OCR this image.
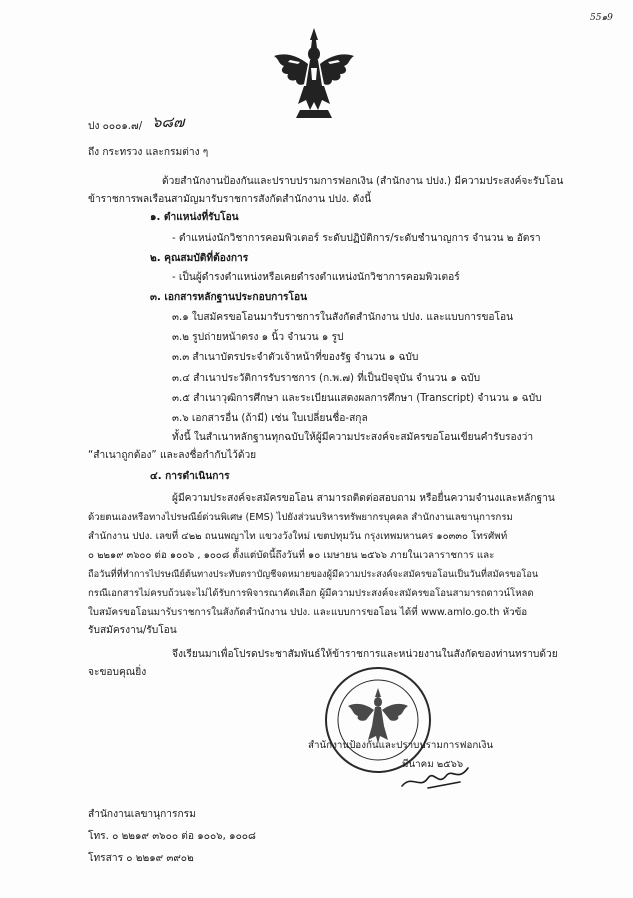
55๑9
ปง ๐๐๐๑.๗/ ๖๘๗
ถึง กระทรวง และกรมต่าง ๆ
ด้วยสำนักงานป้องกันและปราบปรามการฟอกเงิน (สำนักงาน ปปง.) มีความประสงค์จะรับโอน
ข้าราชการพลเรือนสามัญมารับราชการสังกัดสำนักงาน ปปง. ดังนี้
๑. ตำแหน่งที่รับโอน
- ตำแหน่งนักวิชาการคอมพิวเตอร์ ระดับปฏิบัติการ/ระดับชำนาญการ จำนวน ๒ อัตรา
๒. คุณสมบัติที่ต้องการ
- เป็นผู้ดำรงตำแหน่งหรือเคยดำรงตำแหน่งนักวิชาการคอมพิวเตอร์
๓. เอกสารหลักฐานประกอบการโอน
๓.๑ ใบสมัครขอโอนมารับราชการในสังกัดสำนักงาน ปปง. และแบบการขอโอน
๓.๒ รูปถ่ายหน้าตรง ๑ นิ้ว จำนวน ๑ รูป
๓.๓ สำเนาบัตรประจำตัวเจ้าหน้าที่ของรัฐ จำนวน ๑ ฉบับ
๓.๔ สำเนาประวัติการรับราชการ (ก.พ.๗) ที่เป็นปัจจุบัน จำนวน ๑ ฉบับ
๓.๕ สำเนาวุฒิการศึกษา และระเบียนแสดงผลการศึกษา (Transcript) จำนวน ๑ ฉบับ
๓.๖ เอกสารอื่น (ถ้ามี) เช่น ใบเปลี่ยนชื่อ-สกุล
ทั้งนี้ ในสำเนาหลักฐานทุกฉบับให้ผู้มีความประสงค์จะสมัครขอโอนเขียนคำรับรองว่า
“สำเนาถูกต้อง” และลงชื่อกำกับไว้ด้วย
๔. การดำเนินการ
ผู้มีความประสงค์จะสมัครขอโอน สามารถติดต่อสอบถาม หรือยื่นความจำนงและหลักฐาน
ด้วยตนเองหรือทางไปรษณีย์ด่วนพิเศษ (EMS) ไปยังส่วนบริหารทรัพยากรบุคคล สำนักงานเลขานุการกรม
สำนักงาน ปปง. เลขที่ ๔๒๒ ถนนพญาไท แขวงวังใหม่ เขตปทุมวัน กรุงเทพมหานคร ๑๐๓๓๐ โทรศัพท์
๐ ๒๒๑๙ ๓๖๐๐ ต่อ ๑๐๐๖ , ๑๐๐๘ ตั้งแต่บัดนี้ถึงวันที่ ๑๐ เมษายน ๒๕๖๖ ภายในเวลาราชการ และ
ถือวันที่ที่ทำการไปรษณีย์ต้นทางประทับตราบัญชีจดหมายของผู้มีความประสงค์จะสมัครขอโอนเป็นวันที่สมัครขอโอน
กรณีเอกสารไม่ครบถ้วนจะไม่ได้รับการพิจารณาคัดเลือก ผู้มีความประสงค์จะสมัครขอโอนสามารถดาวน์โหลด
ใบสมัครขอโอนมารับราชการในสังกัดสำนักงาน ปปง. และแบบการขอโอน ได้ที่ www.amlo.go.th หัวข้อ
รับสมัครงาน/รับโอน
จึงเรียนมาเพื่อโปรดประชาสัมพันธ์ให้ข้าราชการและหน่วยงานในสังกัดของท่านทราบด้วย
จะขอบคุณยิ่ง
สำนักงานป้องกันและปราบปรามการฟอกเงิน
มีนาคม ๒๕๖๖
สำนักงานเลขานุการกรม
โทร. ๐ ๒๒๑๙ ๓๖๐๐ ต่อ ๑๐๐๖, ๑๐๐๘
โทรสาร ๐ ๒๒๑๙ ๓๙๐๒
